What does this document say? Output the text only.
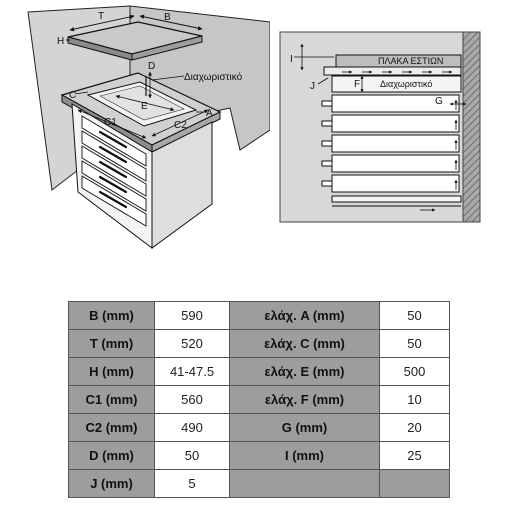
T	B
H
D
Διαχωριστικό
E
C
A
C1	C2
ΠΛΑΚΑ ΕΣΤΙΩΝ
Διαχωριστικό
I
J	F
G
B (mm)	590	ελάχ. A (mm)	50
T (mm)	520	ελάχ. C (mm)	50
H (mm)	41-47.5	ελάχ. E (mm)	500
C1 (mm)	560	ελάχ. F (mm)	10
C2 (mm)	490	G (mm)	20
D (mm)	50	I (mm)	25
J (mm)	5		
